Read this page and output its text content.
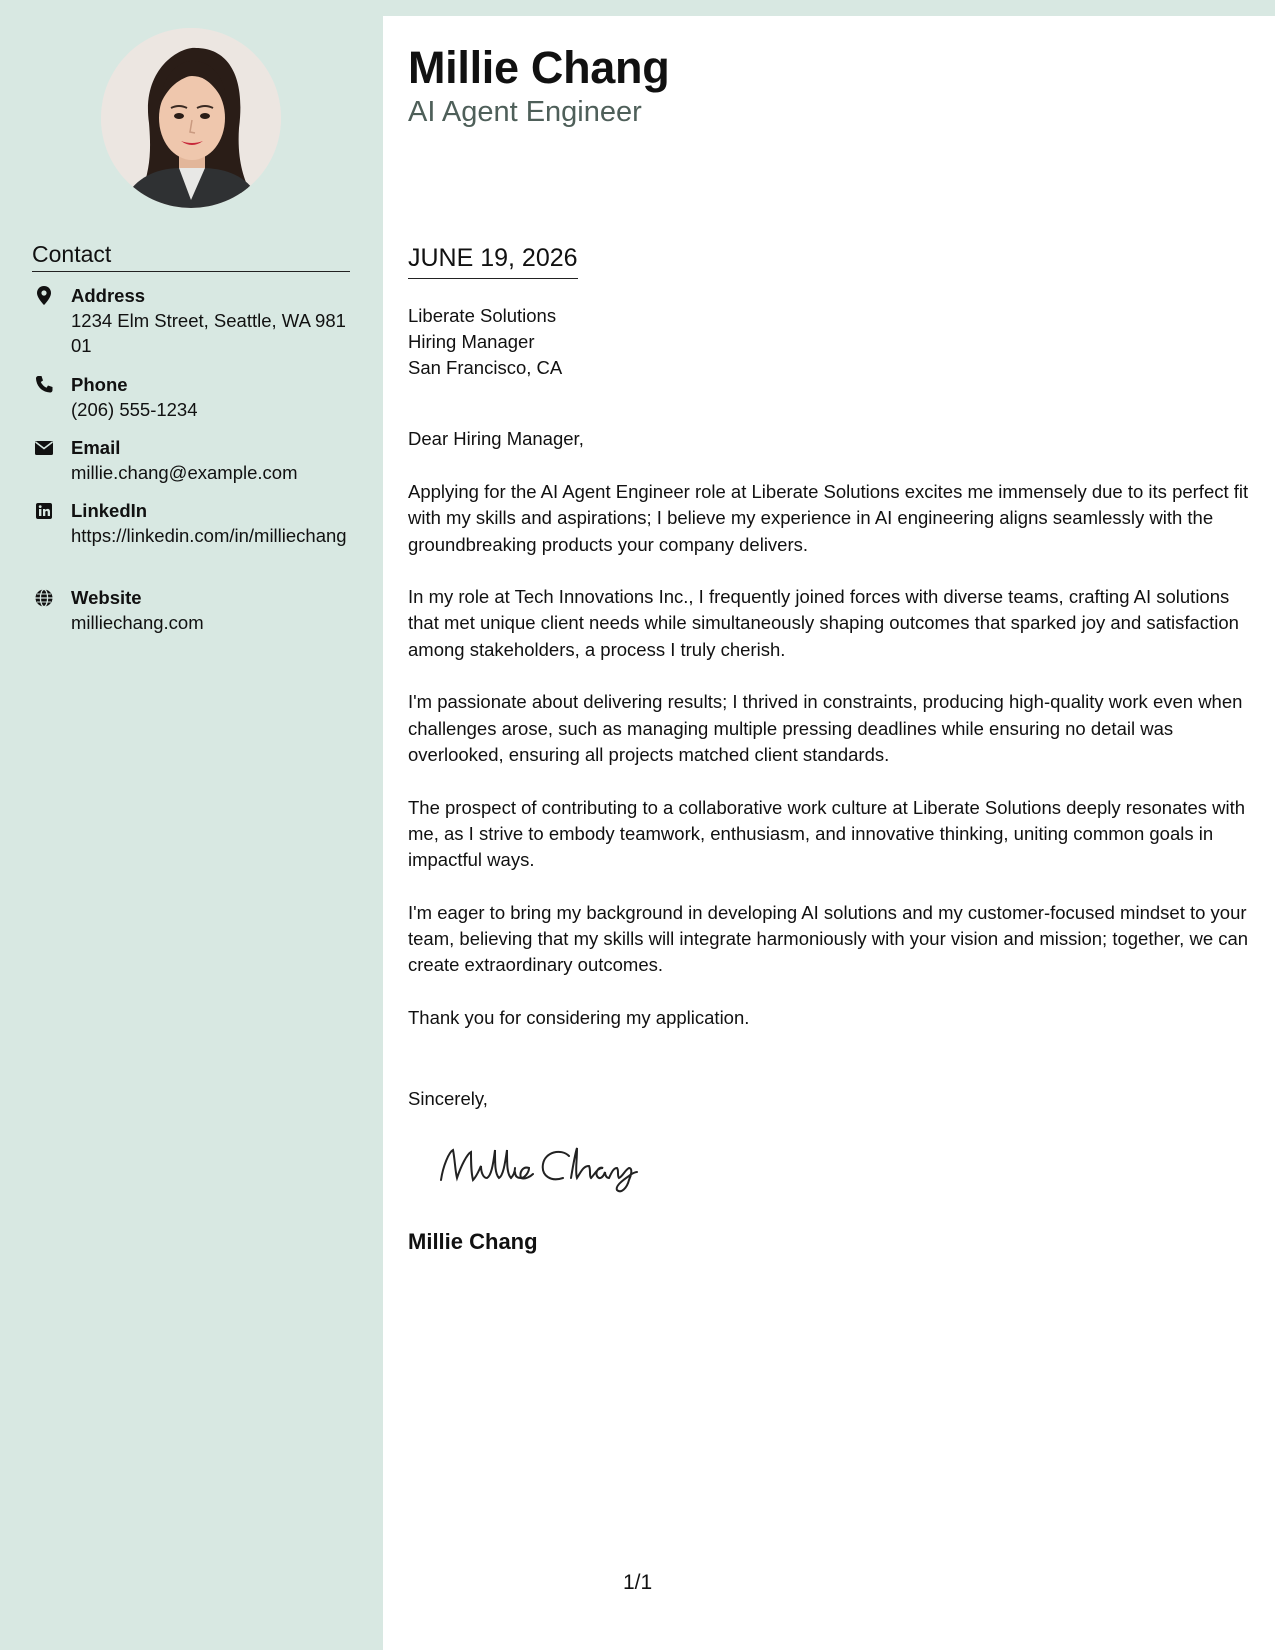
Contact
Address
1234 Elm Street, Seattle, WA 98101
Phone
(206) 555-1234
Email
millie.chang@example.com
LinkedIn
https://linkedin.com/in/milliechang
Website
milliechang.com
Millie Chang
AI Agent Engineer
JUNE 19, 2026
Liberate Solutions
Hiring Manager
San Francisco, CA
Dear Hiring Manager,

Applying for the AI Agent Engineer role at Liberate Solutions excites me immensely due to its perfect fit with my skills and aspirations; I believe my experience in AI engineering aligns seamlessly with the groundbreaking products your company delivers.

In my role at Tech Innovations Inc., I frequently joined forces with diverse teams, crafting AI solutions that met unique client needs while simultaneously shaping outcomes that sparked joy and satisfaction among stakeholders, a process I truly cherish.

I'm passionate about delivering results; I thrived in constraints, producing high-quality work even when challenges arose, such as managing multiple pressing deadlines while ensuring no detail was overlooked, ensuring all projects matched client standards.

The prospect of contributing to a collaborative work culture at Liberate Solutions deeply resonates with me, as I strive to embody teamwork, enthusiasm, and innovative thinking, uniting common goals in impactful ways.

I'm eager to bring my background in developing AI solutions and my customer-focused mindset to your team, believing that my skills will integrate harmoniously with your vision and mission; together, we can create extraordinary outcomes.

Thank you for considering my application.

Sincerely,
Millie Chang
1/1
